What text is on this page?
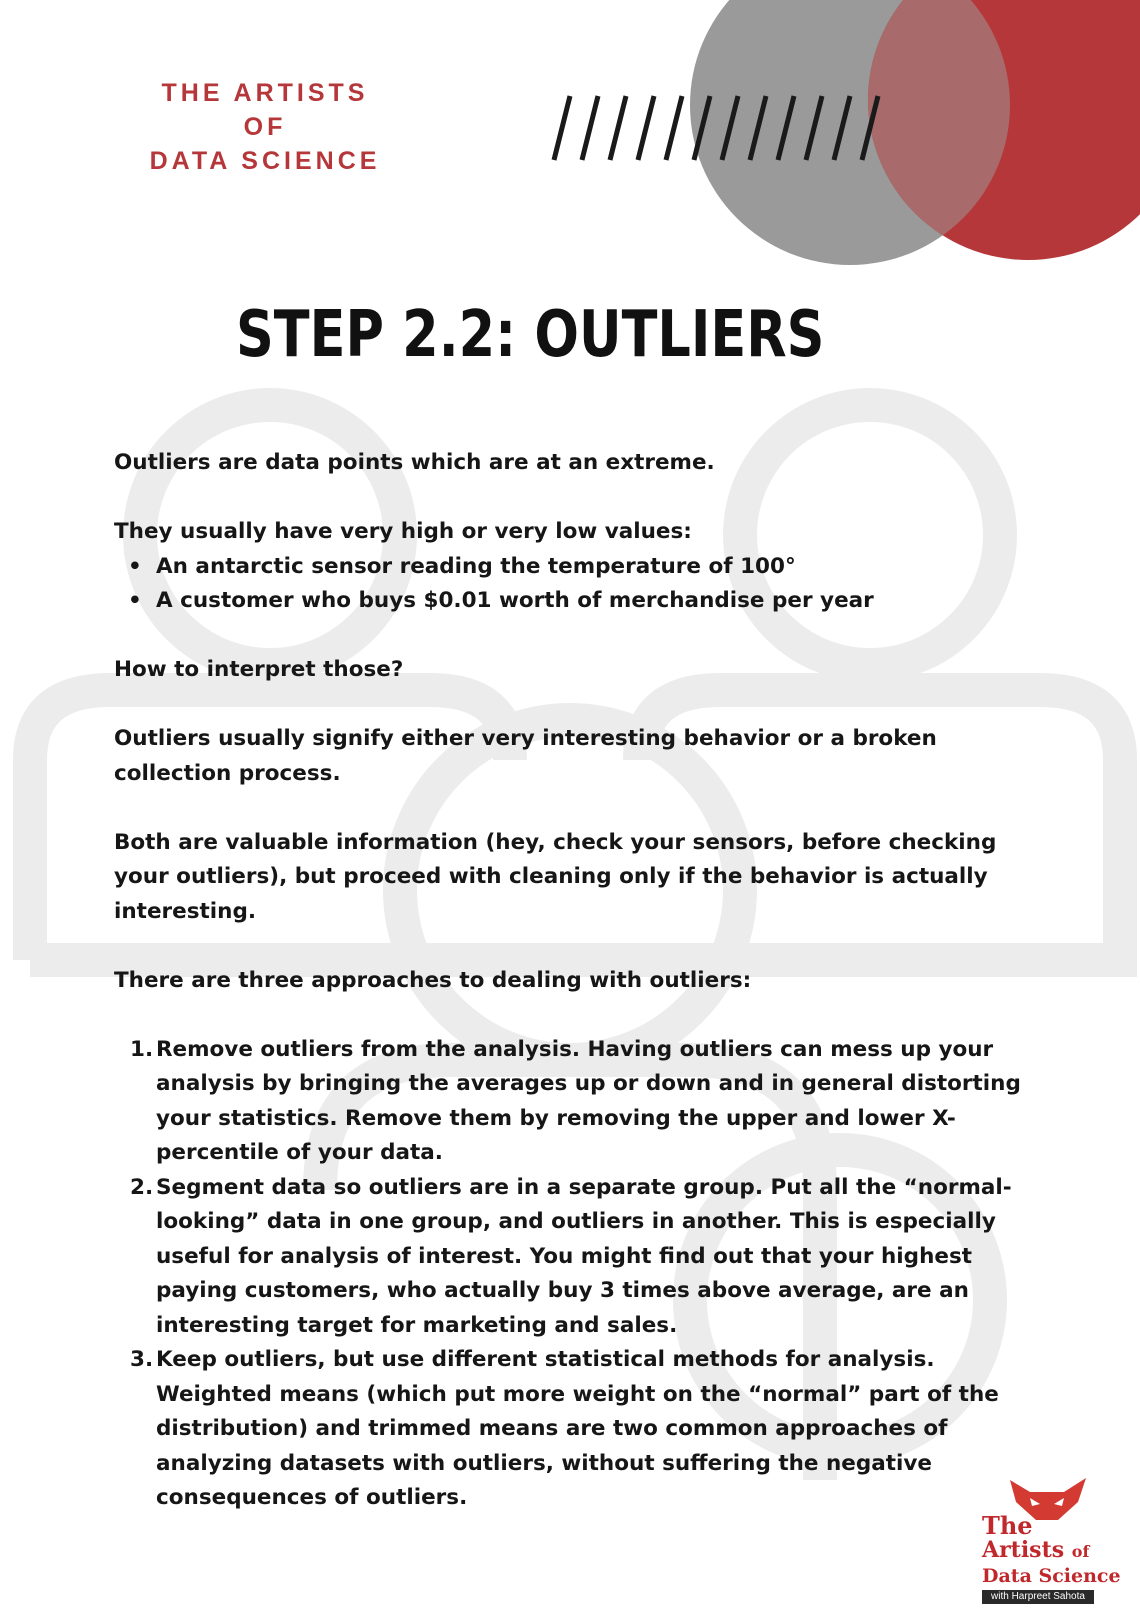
THE ARTISTS
OF
DATA SCIENCE
STEP 2.2: OUTLIERS

Outliers are data points which are at an extreme.

They usually have very high or very low values:

• An antarctic sensor reading the temperature of 100°
• A customer who buys $0.01 worth of merchandise per year

How to interpret those?

Outliers usually signify either very interesting behavior or a broken collection process.

Both are valuable information (hey, check your sensors, before checking your outliers), but proceed with cleaning only if the behavior is actually interesting.

There are three approaches to dealing with outliers:

1. Remove outliers from the analysis. Having outliers can mess up your analysis by bringing the averages up or down and in general distorting your statistics. Remove them by removing the upper and lower X-percentile of your data.
2. Segment data so outliers are in a separate group. Put all the “normal-looking” data in one group, and outliers in another. This is especially useful for analysis of interest. You might find out that your highest paying customers, who actually buy 3 times above average, are an interesting target for marketing and sales.
3. Keep outliers, but use different statistical methods for analysis. Weighted means (which put more weight on the “normal” part of the distribution) and trimmed means are two common approaches of analyzing datasets with outliers, without suffering the negative consequences of outliers.
The
Artists of
Data Science
with Harpreet Sahota
